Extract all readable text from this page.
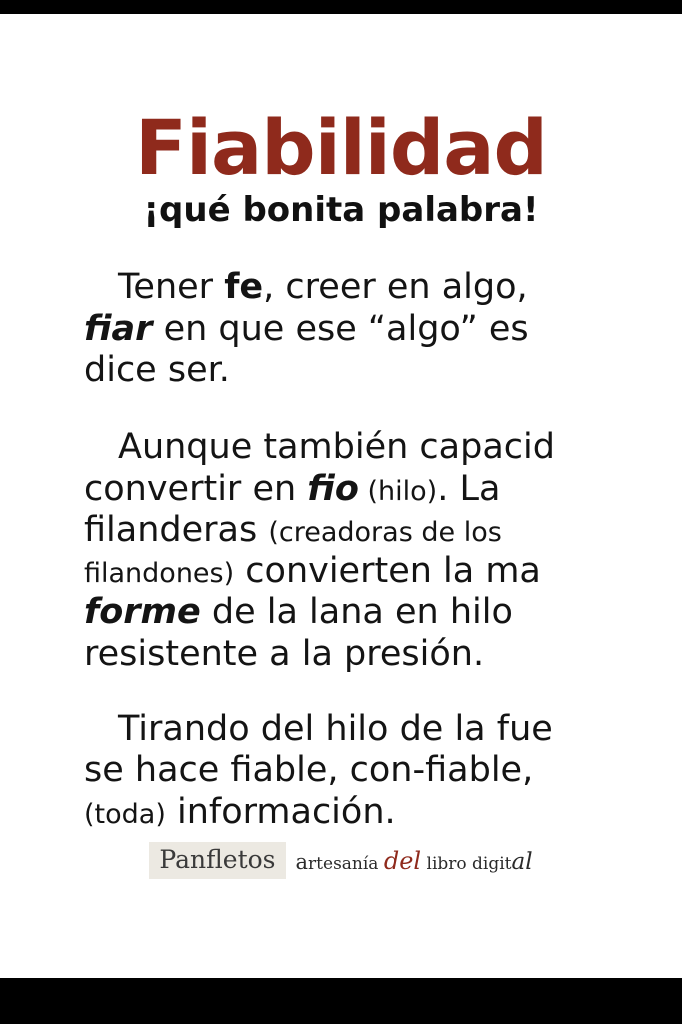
Fiabilidad
¡qué bonita palabra!
Tener fe, creer en algo,
fiar en que ese “algo” es
dice ser.
Aunque también capacid
convertir en fio (hilo). La
filanderas (creadoras de los
filandones) convierten la ma
forme de la lana en hilo
resistente a la presión.
Tirando del hilo de la fue
se hace fiable, con-fiable,
(toda) información.
Panfletos artesanía del libro digital
